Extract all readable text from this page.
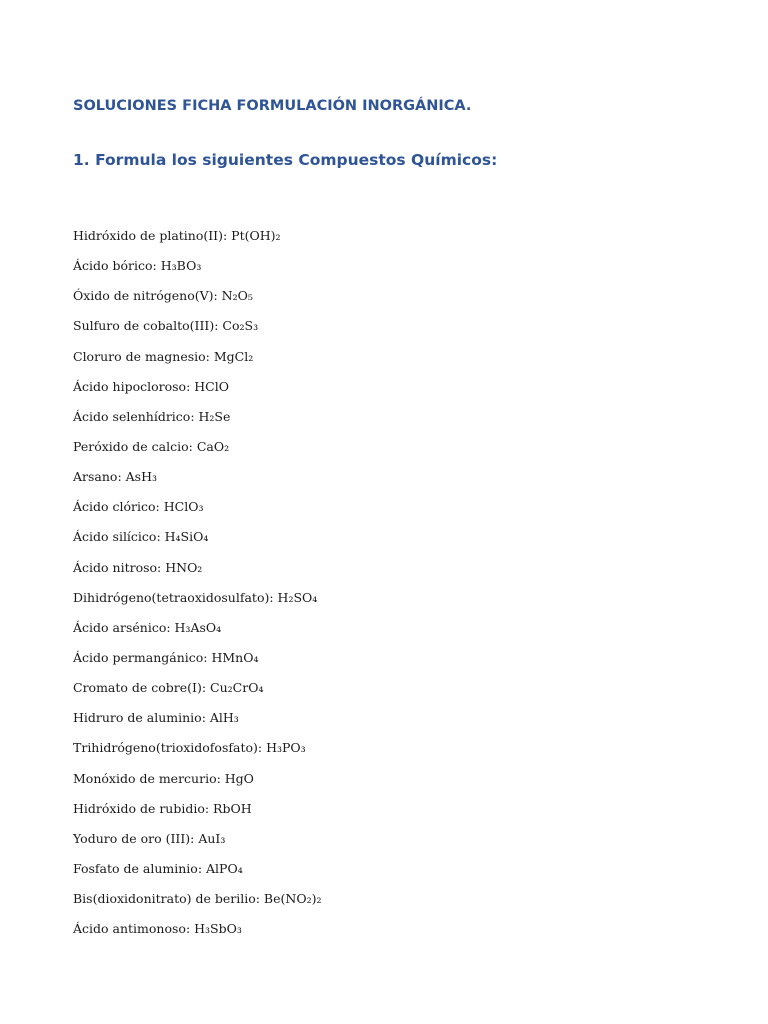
SOLUCIONES FICHA FORMULACIÓN INORGÁNICA.
1. Formula los siguientes Compuestos Químicos:
Hidróxido de platino(II): Pt(OH)₂
Ácido bórico: H₃BO₃
Óxido de nitrógeno(V): N₂O₅
Sulfuro de cobalto(III): Co₂S₃
Cloruro de magnesio: MgCl₂
Ácido hipocloroso: HClO
Ácido selenhídrico: H₂Se
Peróxido de calcio: CaO₂
Arsano: AsH₃
Ácido clórico: HClO₃
Ácido silícico: H₄SiO₄
Ácido nitroso: HNO₂
Dihidrógeno(tetraoxidosulfato): H₂SO₄
Ácido arsénico: H₃AsO₄
Ácido permangánico: HMnO₄
Cromato de cobre(I): Cu₂CrO₄
Hidruro de aluminio: AlH₃
Trihidrógeno(trioxidofosfato): H₃PO₃
Monóxido de mercurio: HgO
Hidróxido de rubidio: RbOH
Yoduro de oro (III): AuI₃
Fosfato de aluminio: AlPO₄
Bis(dioxidonitrato) de berilio: Be(NO₂)₂
Ácido antimonoso: H₃SbO₃
